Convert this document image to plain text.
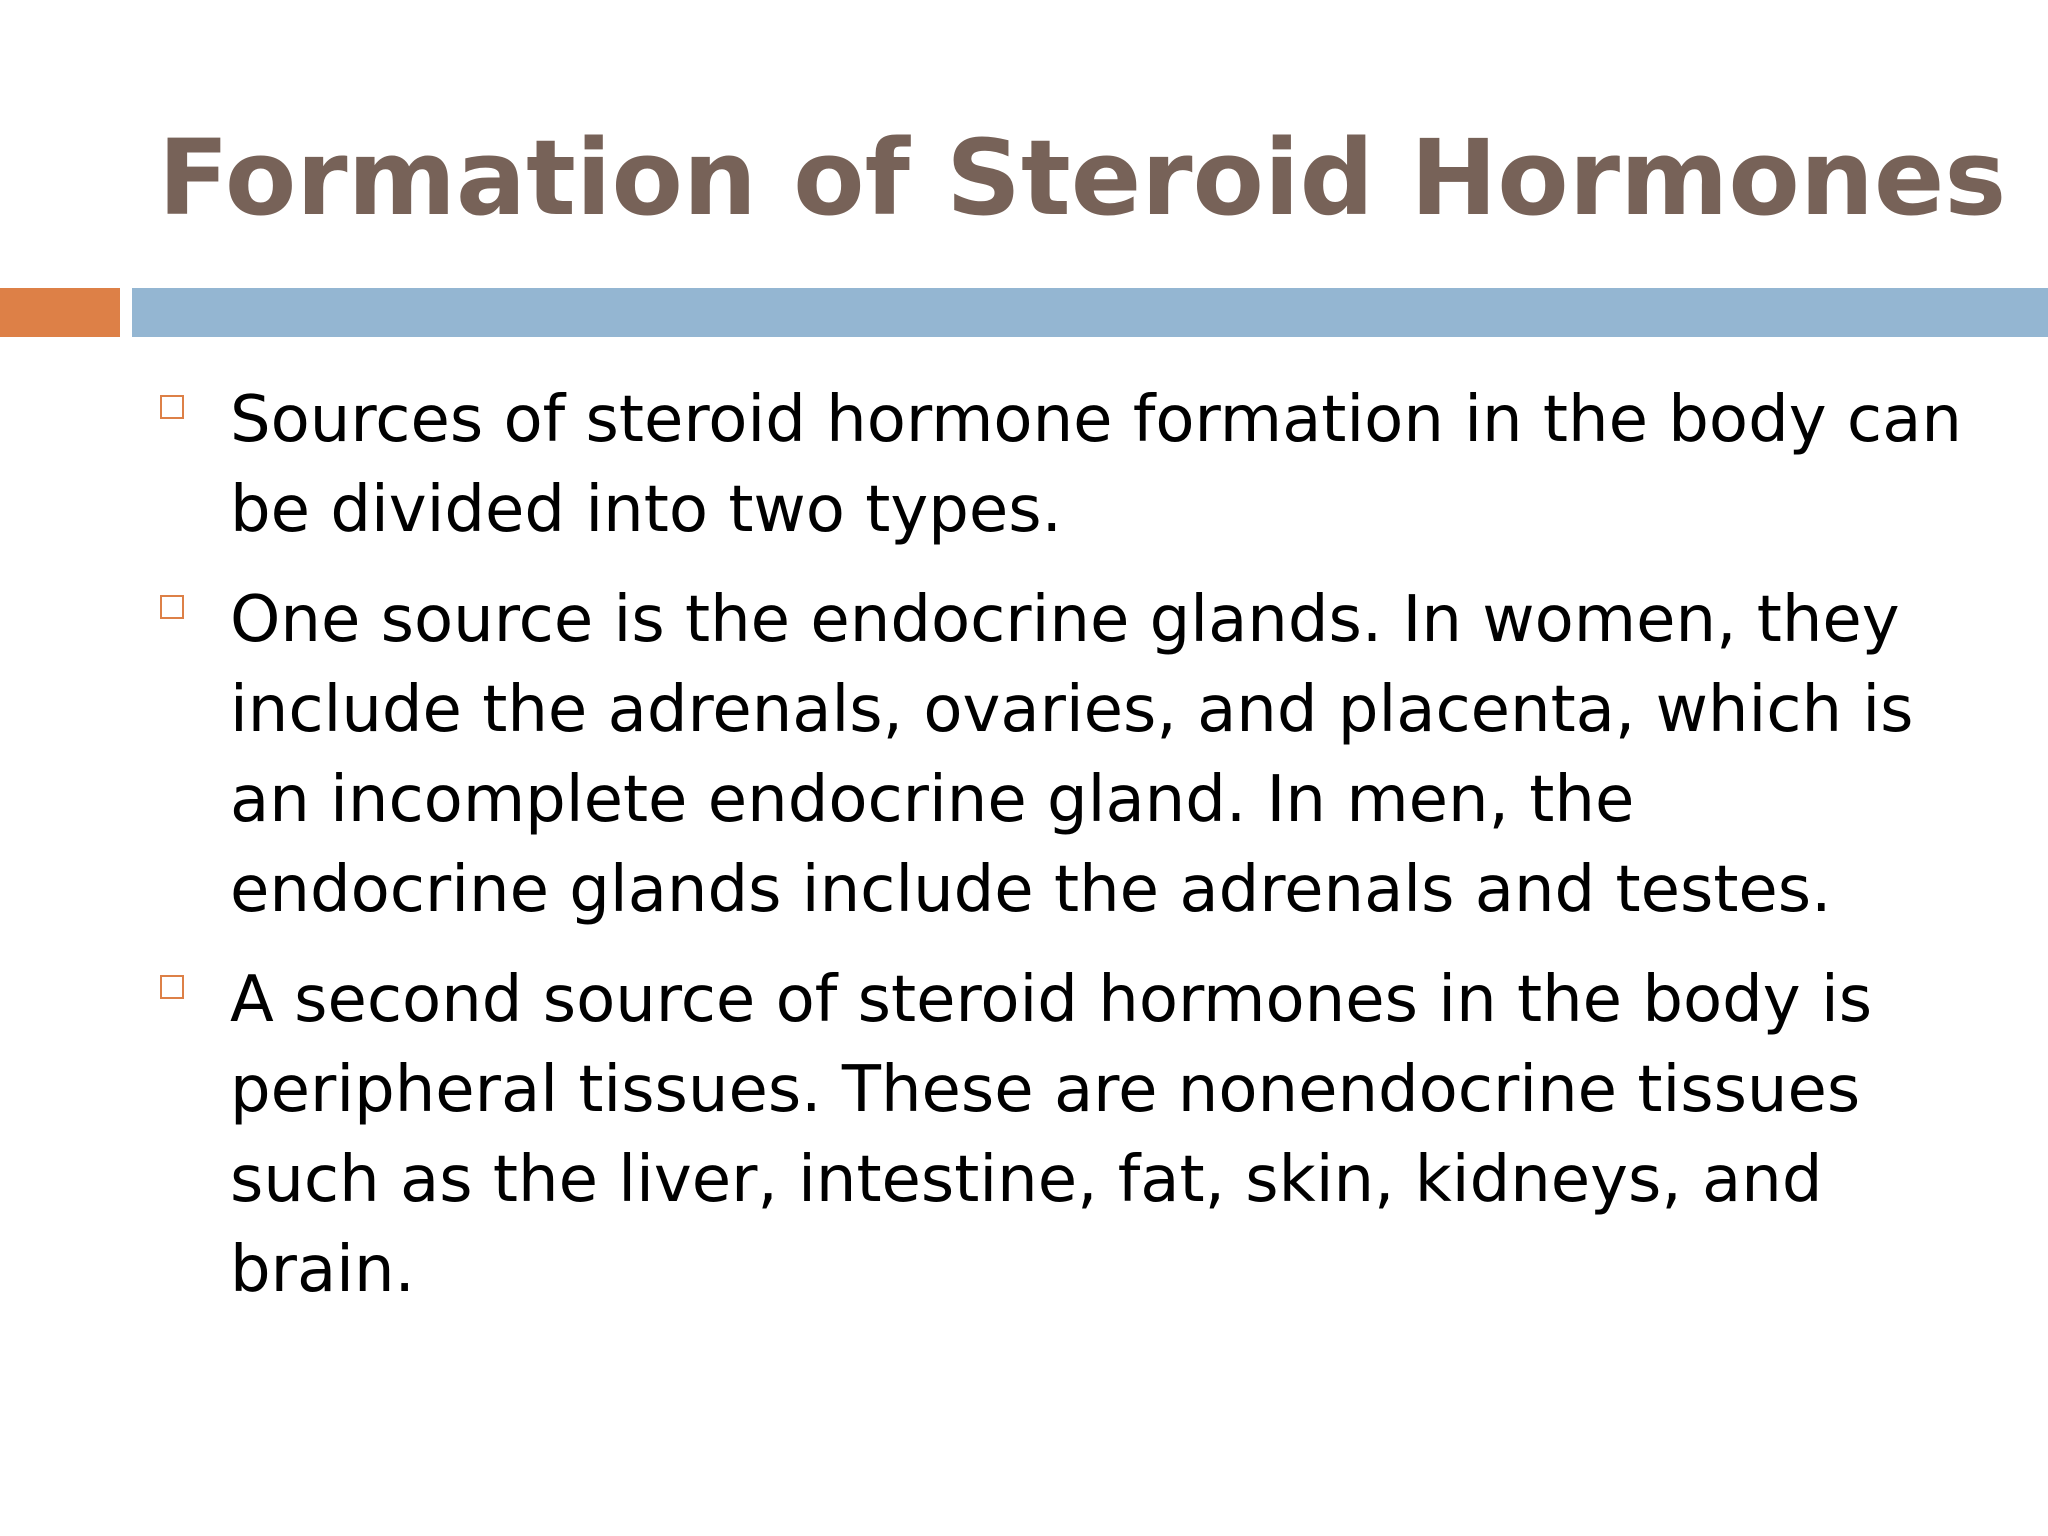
Formation of Steroid Hormones
Sources of steroid hormone formation in the body can be divided into two types.
One source is the endocrine glands. In women, they include the adrenals, ovaries, and placenta, which is an incomplete endocrine gland. In men, the endocrine glands include the adrenals and testes.
A second source of steroid hormones in the body is peripheral tissues. These are nonendocrine tissues such as the liver, intestine, fat, skin, kidneys, and brain.
